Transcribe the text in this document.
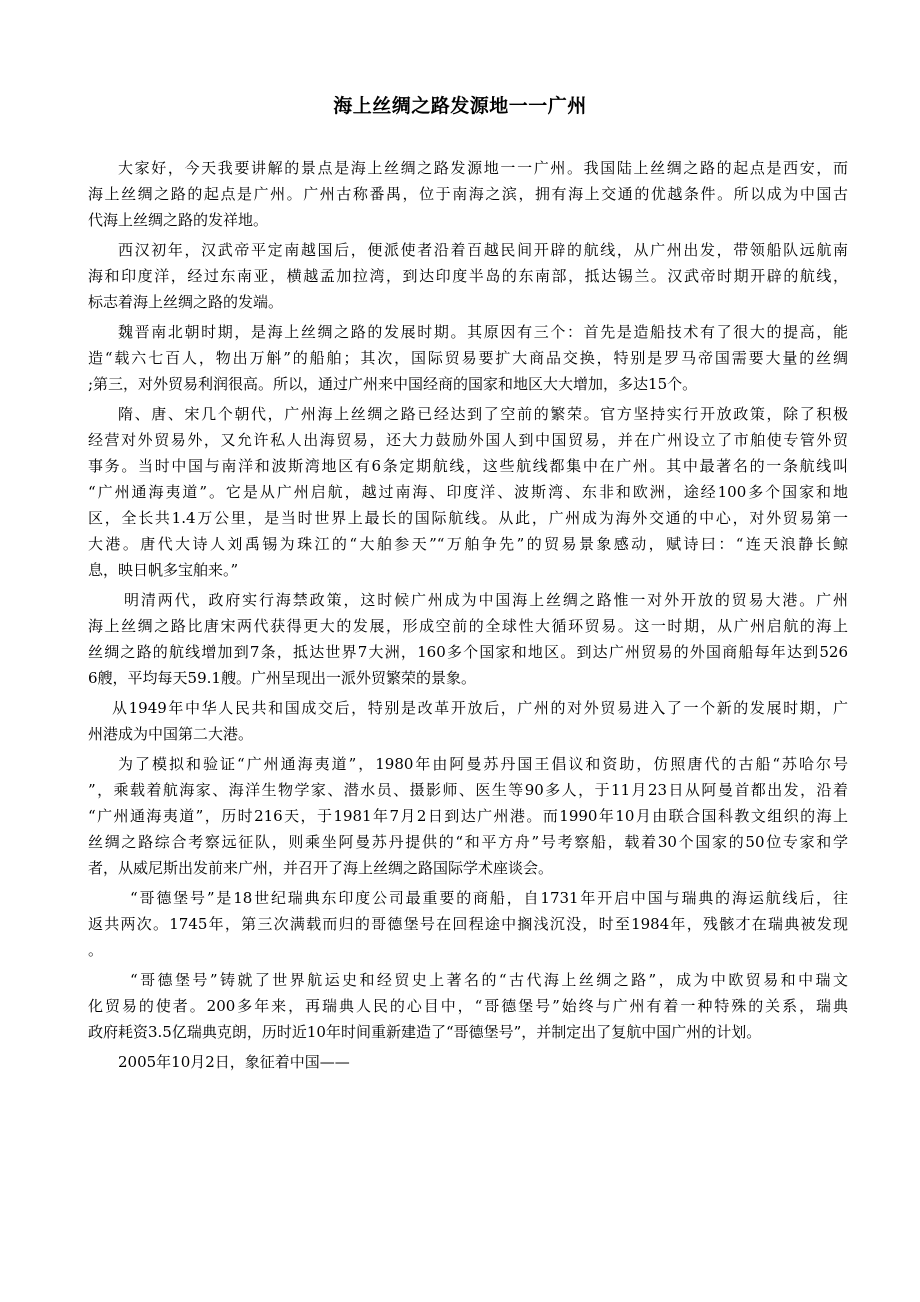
海上丝绸之路发源地一一广州
大家好，今天我要讲解的景点是海上丝绸之路发源地一一广州。我国陆上丝绸之路的起点是西安，而
海上丝绸之路的起点是广州。广州古称番禺，位于南海之滨，拥有海上交通的优越条件。所以成为中国古
代海上丝绸之路的发祥地。
西汉初年，汉武帝平定南越国后，便派使者沿着百越民间开辟的航线，从广州出发，带领船队远航南
海和印度洋，经过东南亚，横越孟加拉湾，到达印度半岛的东南部，抵达锡兰。汉武帝时期开辟的航线，
标志着海上丝绸之路的发端。
魏晋南北朝时期，是海上丝绸之路的发展时期。其原因有三个：首先是造船技术有了很大的提高，能
造“载六七百人，物出万斛”的船舶；其次，国际贸易要扩大商品交换，特别是罗马帝国需要大量的丝绸
;第三，对外贸易利润很高。所以，通过广州来中国经商的国家和地区大大增加，多达15个。
隋、唐、宋几个朝代，广州海上丝绸之路已经达到了空前的繁荣。官方坚持实行开放政策，除了积极
经营对外贸易外，又允许私人出海贸易，还大力鼓励外国人到中国贸易，并在广州设立了市舶使专管外贸
事务。当时中国与南洋和波斯湾地区有6条定期航线，这些航线都集中在广州。其中最著名的一条航线叫
“广州通海夷道”。它是从广州启航，越过南海、印度洋、波斯湾、东非和欧洲，途经100多个国家和地
区，全长共1.4万公里，是当时世界上最长的国际航线。从此，广州成为海外交通的中心，对外贸易第一
大港。唐代大诗人刘禹锡为珠江的“大舶参天”“万舶争先”的贸易景象感动，赋诗曰：“连天浪静长鲸
息，映日帆多宝舶来。”
明清两代，政府实行海禁政策，这时候广州成为中国海上丝绸之路惟一对外开放的贸易大港。广州
海上丝绸之路比唐宋两代获得更大的发展，形成空前的全球性大循环贸易。这一时期，从广州启航的海上
丝绸之路的航线增加到7条，抵达世界7大洲，160多个国家和地区。到达广州贸易的外国商船每年达到526
6艘，平均每天59.1艘。广州呈现出一派外贸繁荣的景象。
从1949年中华人民共和国成交后，特别是改革开放后，广州的对外贸易进入了一个新的发展时期，广
州港成为中国第二大港。
为了模拟和验证“广州通海夷道”，1980年由阿曼苏丹国王倡议和资助，仿照唐代的古船“苏哈尔号
”，乘载着航海家、海洋生物学家、潜水员、摄影师、医生等90多人，于11月23日从阿曼首都出发，沿着
“广州通海夷道”，历时216天，于1981年7月2日到达广州港。而1990年10月由联合国科教文组织的海上
丝绸之路综合考察远征队，则乘坐阿曼苏丹提供的“和平方舟”号考察船，载着30个国家的50位专家和学
者，从威尼斯出发前来广州，并召开了海上丝绸之路国际学术座谈会。
“哥德堡号”是18世纪瑞典东印度公司最重要的商船，自1731年开启中国与瑞典的海运航线后，往
返共两次。1745年，第三次满载而归的哥德堡号在回程途中搁浅沉没，时至1984年，残骸才在瑞典被发现
。
“哥德堡号”铸就了世界航运史和经贸史上著名的“古代海上丝绸之路”，成为中欧贸易和中瑞文
化贸易的使者。200多年来，再瑞典人民的心目中，“哥德堡号”始终与广州有着一种特殊的关系，瑞典
政府耗资3.5亿瑞典克朗，历时近10年时间重新建造了“哥德堡号”，并制定出了复航中国广州的计划。
2005年10月2日，象征着中国——
